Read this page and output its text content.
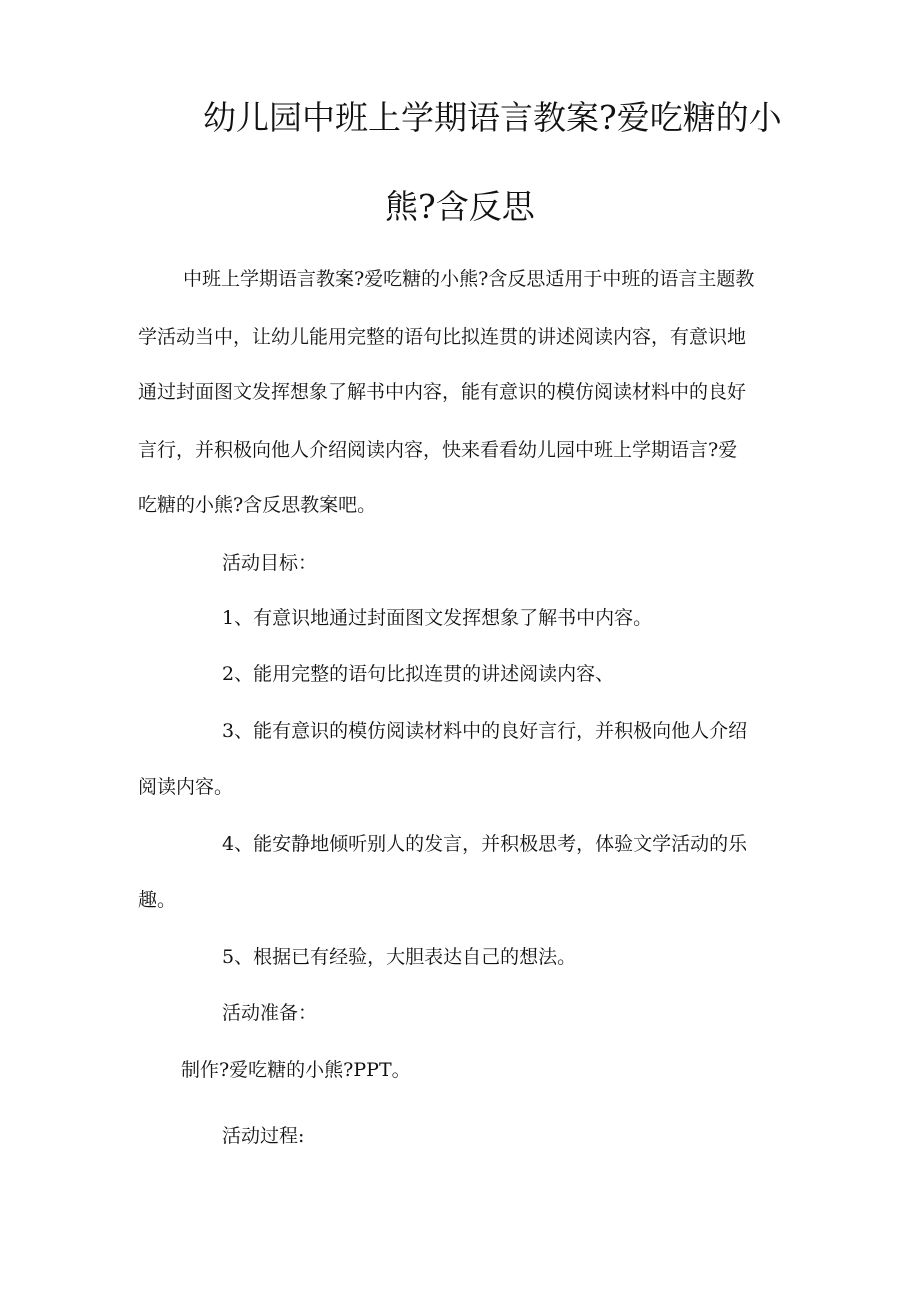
幼儿园中班上学期语言教案?爱吃糖的小
熊?含反思
中班上学期语言教案?爱吃糖的小熊?含反思适用于中班的语言主题教
学活动当中，让幼儿能用完整的语句比拟连贯的讲述阅读内容，有意识地
通过封面图文发挥想象了解书中内容，能有意识的模仿阅读材料中的良好
言行，并积极向他人介绍阅读内容，快来看看幼儿园中班上学期语言?爱
吃糖的小熊?含反思教案吧。
活动目标：
1、有意识地通过封面图文发挥想象了解书中内容。
2、能用完整的语句比拟连贯的讲述阅读内容、
3、能有意识的模仿阅读材料中的良好言行，并积极向他人介绍
阅读内容。
4、能安静地倾听别人的发言，并积极思考，体验文学活动的乐
趣。
5、根据已有经验，大胆表达自己的想法。
活动准备：
制作?爱吃糖的小熊?PPT。
活动过程:
